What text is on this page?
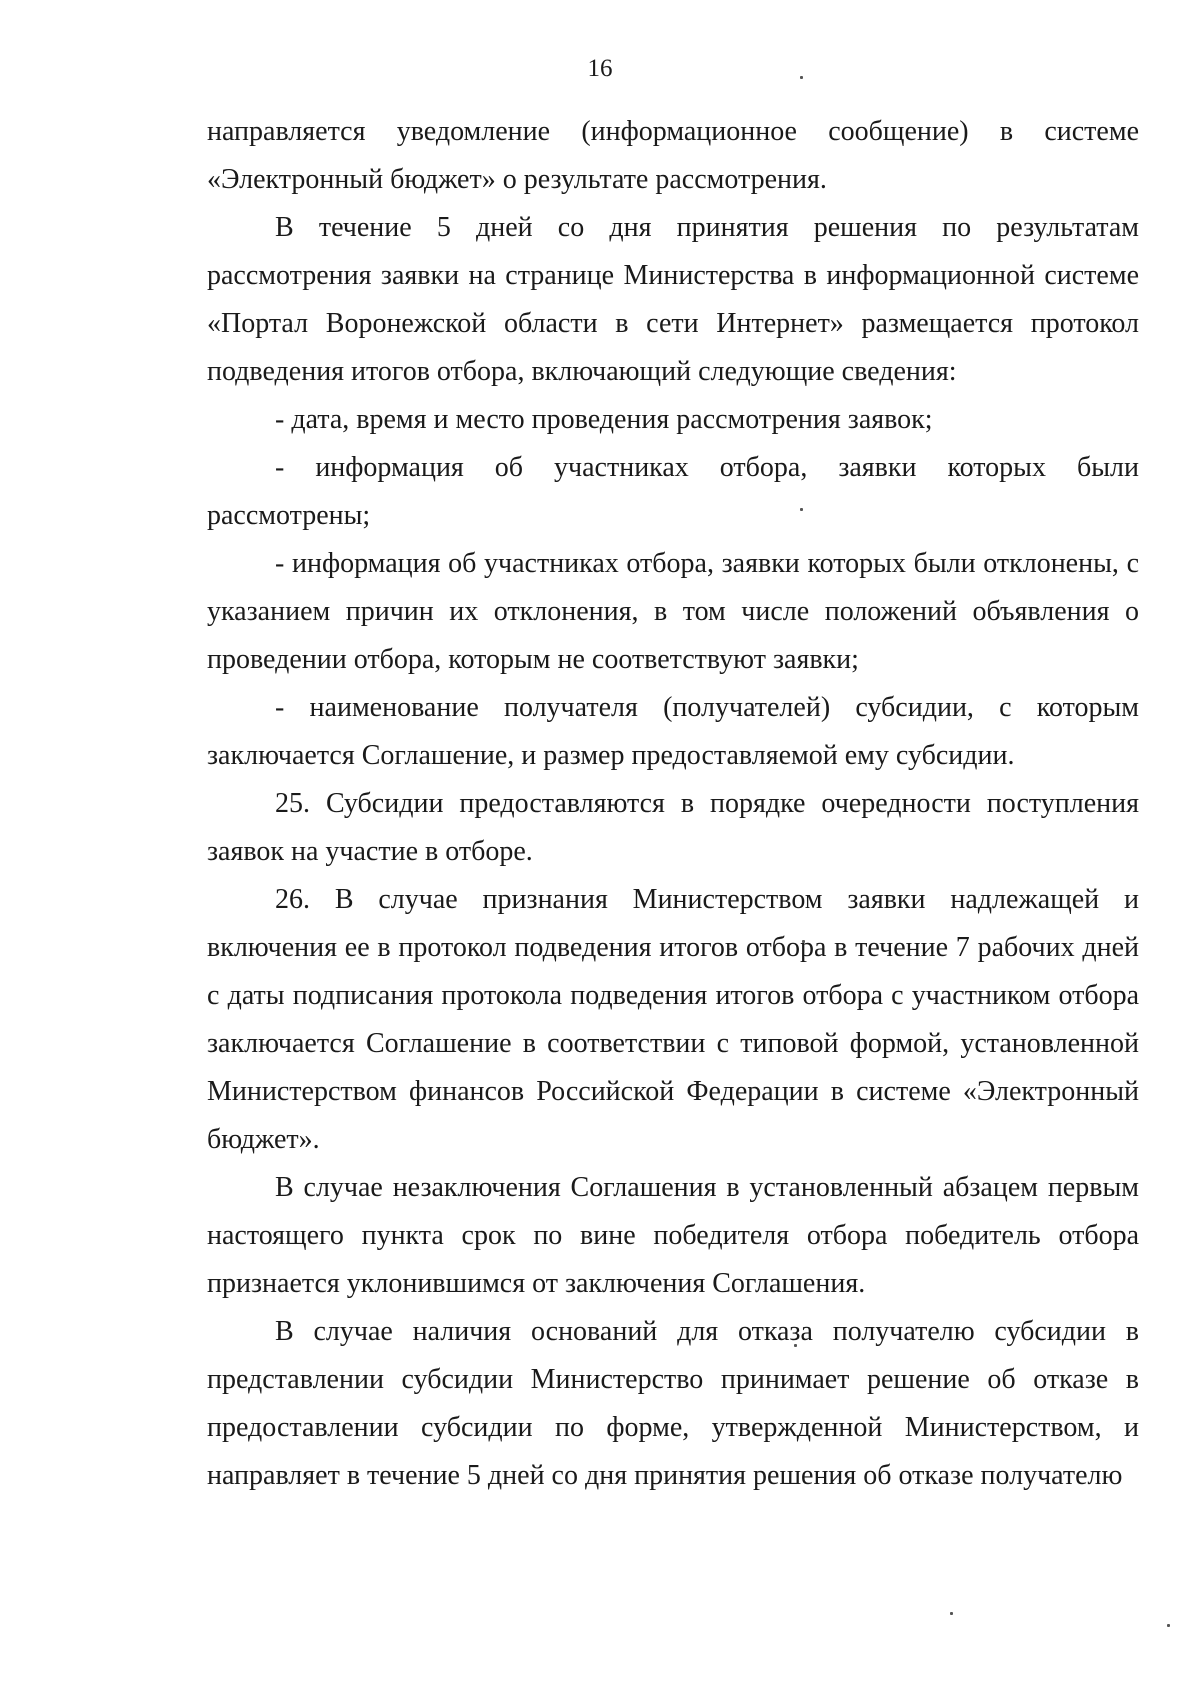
16

направляется уведомление (информационное сообщение) в системе «Электронный бюджет» о результате рассмотрения.

В течение 5 дней со дня принятия решения по результатам рассмотрения заявки на странице Министерства в информационной системе «Портал Воронежской области в сети Интернет» размещается протокол подведения итогов отбора, включающий следующие сведения:

- дата, время и место проведения рассмотрения заявок;

- информация об участниках отбора, заявки которых были рассмотрены;

- информация об участниках отбора, заявки которых были отклонены, с указанием причин их отклонения, в том числе положений объявления о проведении отбора, которым не соответствуют заявки;

- наименование получателя (получателей) субсидии, с которым заключается Соглашение, и размер предоставляемой ему субсидии.

25. Субсидии предоставляются в порядке очередности поступления заявок на участие в отборе.

26. В случае признания Министерством заявки надлежащей и включения ее в протокол подведения итогов отбора в течение 7 рабочих дней с даты подписания протокола подведения итогов отбора с участником отбора заключается Соглашение в соответствии с типовой формой, установленной Министерством финансов Российской Федерации в системе «Электронный бюджет».

В случае незаключения Соглашения в установленный абзацем первым настоящего пункта срок по вине победителя отбора победитель отбора признается уклонившимся от заключения Соглашения.

В случае наличия оснований для отказа получателю субсидии в представлении субсидии Министерство принимает решение об отказе в предоставлении субсидии по форме, утвержденной Министерством, и направляет в течение 5 дней со дня принятия решения об отказе получателю
